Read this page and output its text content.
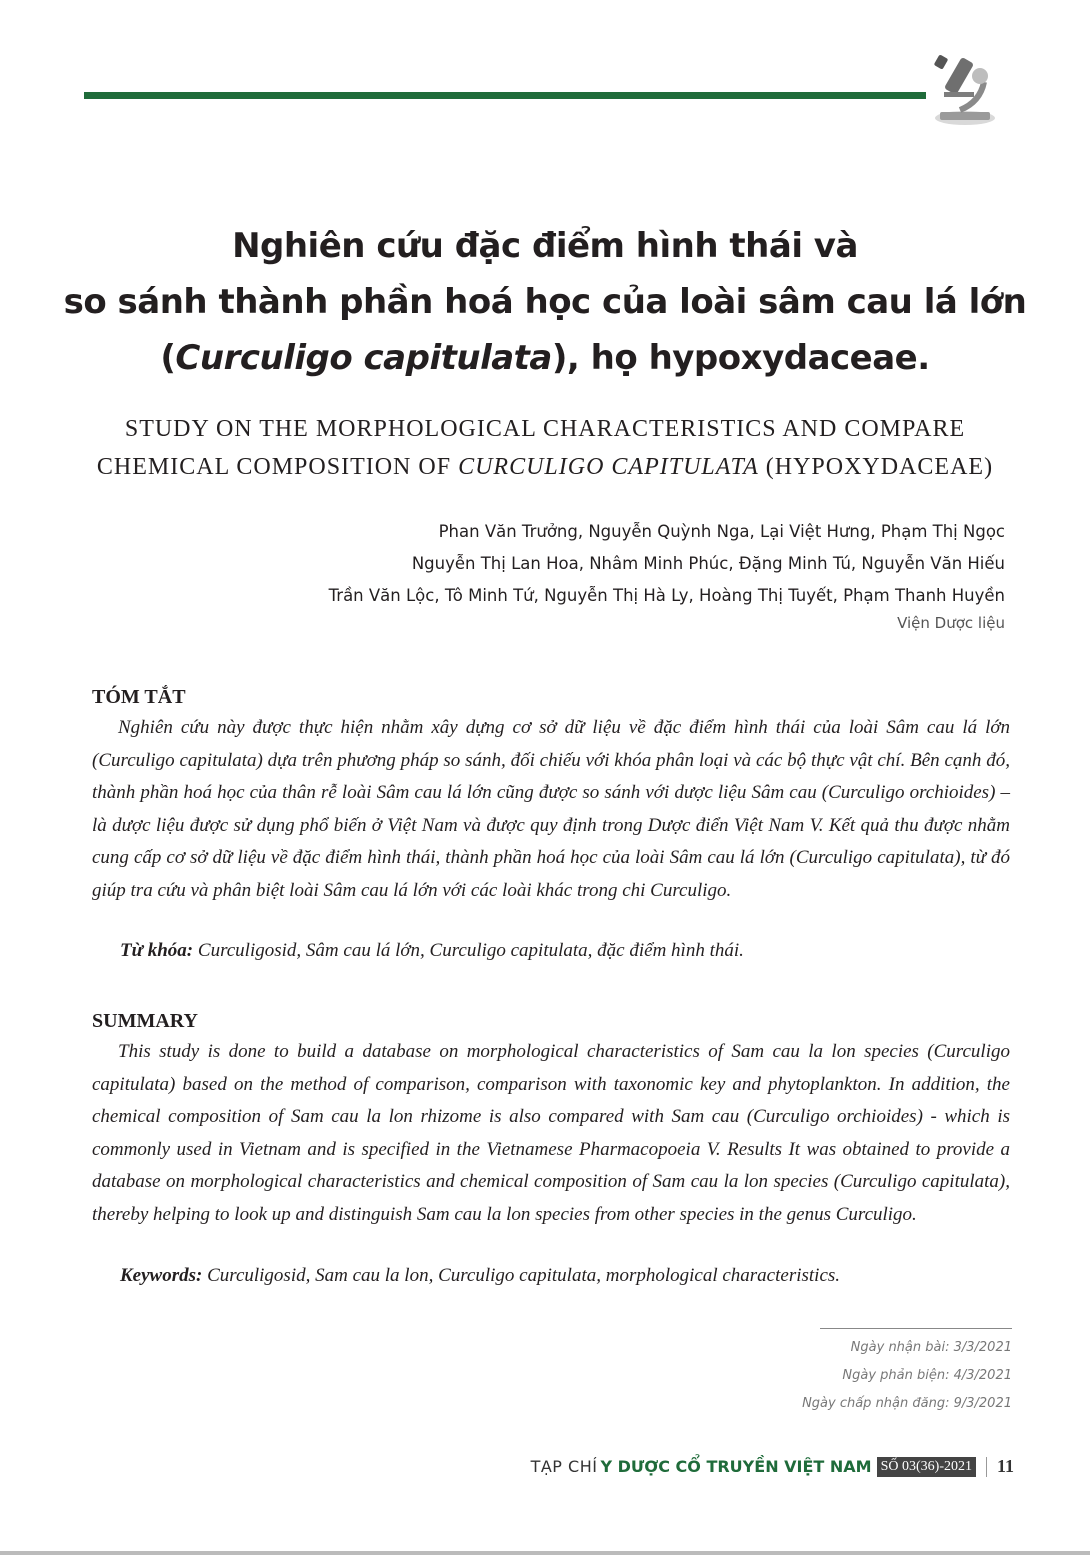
Nghiên cứu đặc điểm hình thái và
so sánh thành phần hoá học của loài sâm cau lá lớn
(Curculigo capitulata), họ hypoxydaceae.
STUDY ON THE MORPHOLOGICAL CHARACTERISTICS AND COMPARE
CHEMICAL COMPOSITION OF CURCULIGO CAPITULATA (HYPOXYDACEAE)
Phan Văn Trưởng, Nguyễn Quỳnh Nga, Lại Việt Hưng, Phạm Thị Ngọc
Nguyễn Thị Lan Hoa, Nhâm Minh Phúc, Đặng Minh Tú, Nguyễn Văn Hiếu
Trần Văn Lộc, Tô Minh Tứ, Nguyễn Thị Hà Ly, Hoàng Thị Tuyết, Phạm Thanh Huyền
Viện Dược liệu
TÓM TẮT
Nghiên cứu này được thực hiện nhằm xây dựng cơ sở dữ liệu về đặc điểm hình thái của loài Sâm cau lá lớn (Curculigo capitulata) dựa trên phương pháp so sánh, đối chiếu với khóa phân loại và các bộ thực vật chí. Bên cạnh đó, thành phần hoá học của thân rễ loài Sâm cau lá lớn cũng được so sánh với dược liệu Sâm cau (Curculigo orchioides) – là dược liệu được sử dụng phổ biến ở Việt Nam và được quy định trong Dược điển Việt Nam V. Kết quả thu được nhằm cung cấp cơ sở dữ liệu về đặc điểm hình thái, thành phần hoá học của loài Sâm cau lá lớn (Curculigo capitulata), từ đó giúp tra cứu và phân biệt loài Sâm cau lá lớn với các loài khác trong chi Curculigo.
Từ khóa: Curculigosid, Sâm cau lá lớn, Curculigo capitulata, đặc điểm hình thái.
SUMMARY
This study is done to build a database on morphological characteristics of Sam cau la lon species (Curculigo capitulata) based on the method of comparison, comparison with taxonomic key and phytoplankton. In addition, the chemical composition of Sam cau la lon rhizome is also compared with Sam cau (Curculigo orchioides) - which is commonly used in Vietnam and is specified in the Vietnamese Pharmacopoeia V. Results It was obtained to provide a database on morphological characteristics and chemical composition of Sam cau la lon species (Curculigo capitulata), thereby helping to look up and distinguish Sam cau la lon species from other species in the genus Curculigo.
Keywords: Curculigosid, Sam cau la lon, Curculigo capitulata, morphological characteristics.
Ngày nhận bài: 3/3/2021
Ngày phản biện: 4/3/2021
Ngày chấp nhận đăng: 9/3/2021
TẠP CHÍ Y DƯỢC CỔ TRUYỀN VIỆT NAM SỐ 03(36)-2021 11
